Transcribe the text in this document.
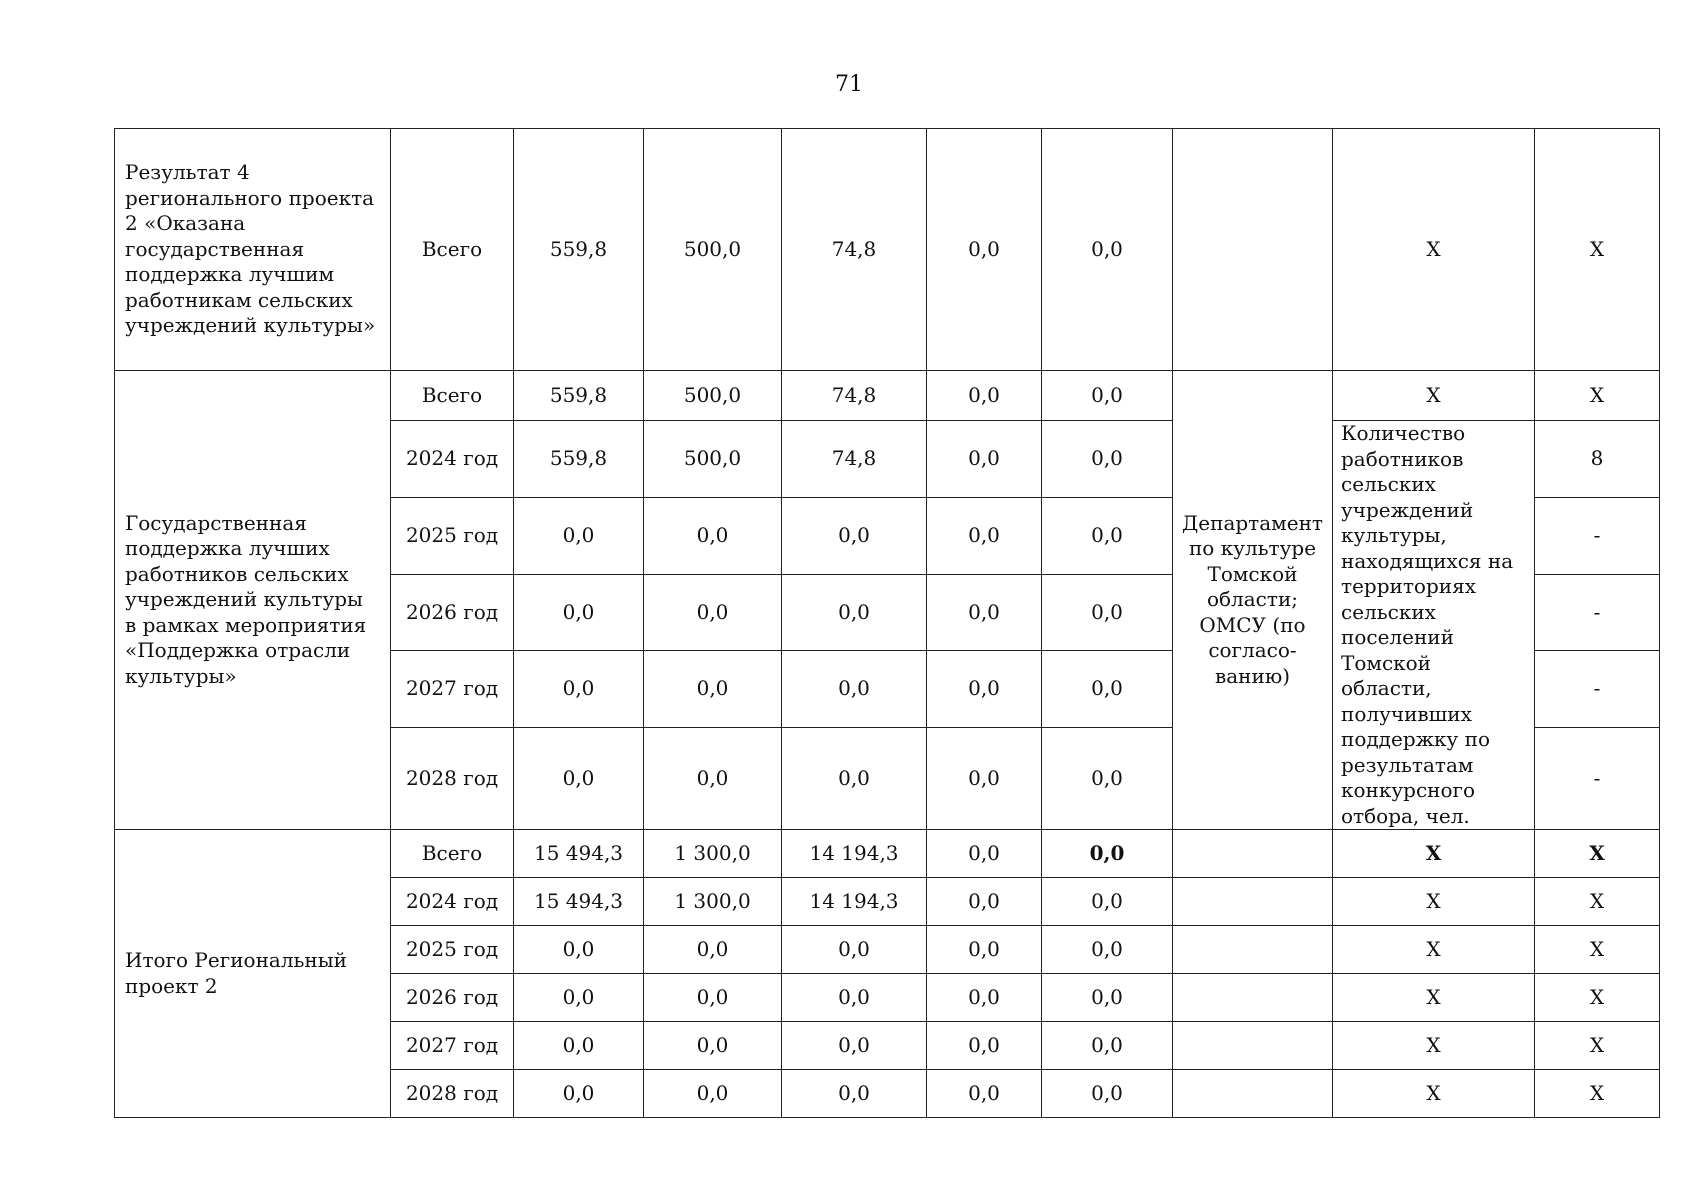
71
Результат 4 регионального проекта 2 «Оказана государственная поддержка лучшим работникам сельских учреждений культуры»	Всего	559,8	500,0	74,8	0,0	0,0		X	X
Государственная поддержка лучших работников сельских учреждений культуры в рамках мероприятия «Поддержка отрасли культуры»	Всего	559,8	500,0	74,8	0,0	0,0	Департамент по культуре Томской области; ОМСУ (по согласо-ванию)	X	X
	2024 год	559,8	500,0	74,8	0,0	0,0		Количество работников сельских учреждений культуры, находящихся на территориях сельских поселений Томской области, получивших поддержку по результатам конкурсного отбора, чел.	8
	2025 год	0,0	0,0	0,0	0,0	0,0			-
	2026 год	0,0	0,0	0,0	0,0	0,0			-
	2027 год	0,0	0,0	0,0	0,0	0,0			-
	2028 год	0,0	0,0	0,0	0,0	0,0			-
Итого Региональный проект 2	Всего	15 494,3	1 300,0	14 194,3	0,0	0,0		X	X
	2024 год	15 494,3	1 300,0	14 194,3	0,0	0,0		X	X
	2025 год	0,0	0,0	0,0	0,0	0,0		X	X
	2026 год	0,0	0,0	0,0	0,0	0,0		X	X
	2027 год	0,0	0,0	0,0	0,0	0,0		X	X
	2028 год	0,0	0,0	0,0	0,0	0,0		X	X
